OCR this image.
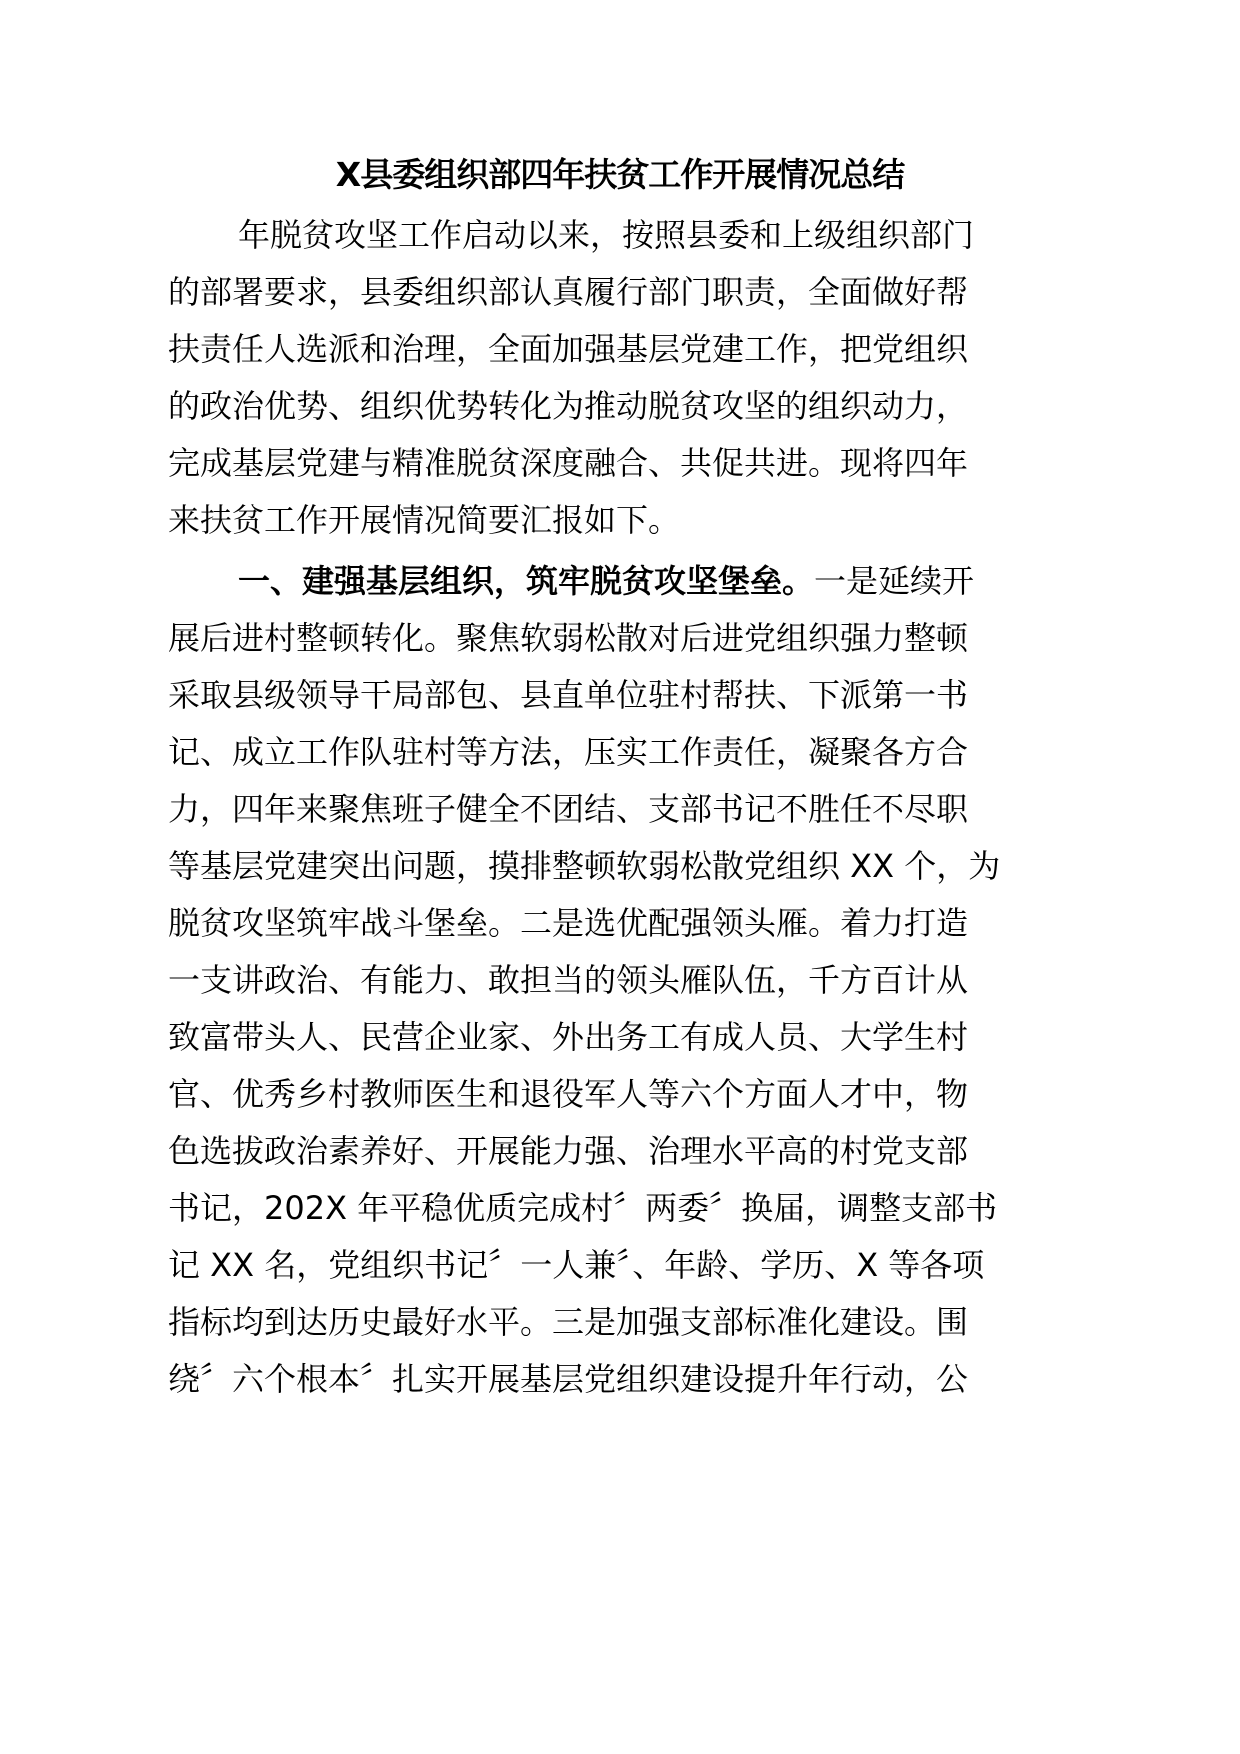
X县委组织部四年扶贫工作开展情况总结
年脱贫攻坚工作启动以来，按照县委和上级组织部门
的部署要求，县委组织部认真履行部门职责，全面做好帮
扶责任人选派和治理，全面加强基层党建工作，把党组织
的政治优势、组织优势转化为推动脱贫攻坚的组织动力，
完成基层党建与精准脱贫深度融合、共促共进。现将四年
来扶贫工作开展情况简要汇报如下。
一、建强基层组织，筑牢脱贫攻坚堡垒。一是延续开
展后进村整顿转化。聚焦软弱松散对后进党组织强力整顿
采取县级领导干局部包、县直单位驻村帮扶、下派第一书
记、成立工作队驻村等方法，压实工作责任，凝聚各方合
力，四年来聚焦班子健全不团结、支部书记不胜任不尽职
等基层党建突出问题，摸排整顿软弱松散党组织 XX 个，为
脱贫攻坚筑牢战斗堡垒。二是选优配强领头雁。着力打造
一支讲政治、有能力、敢担当的领头雁队伍，千方百计从
致富带头人、民营企业家、外出务工有成人员、大学生村
官、优秀乡村教师医生和退役军人等六个方面人才中，物
色选拔政治素养好、开展能力强、治理水平高的村党支部
书记，202X 年平稳优质完成村〞两委〞换届，调整支部书
记 XX 名，党组织书记〞一人兼〞、年龄、学历、X 等各项
指标均到达历史最好水平。三是加强支部标准化建设。围
绕〞六个根本〞扎实开展基层党组织建设提升年行动，公
